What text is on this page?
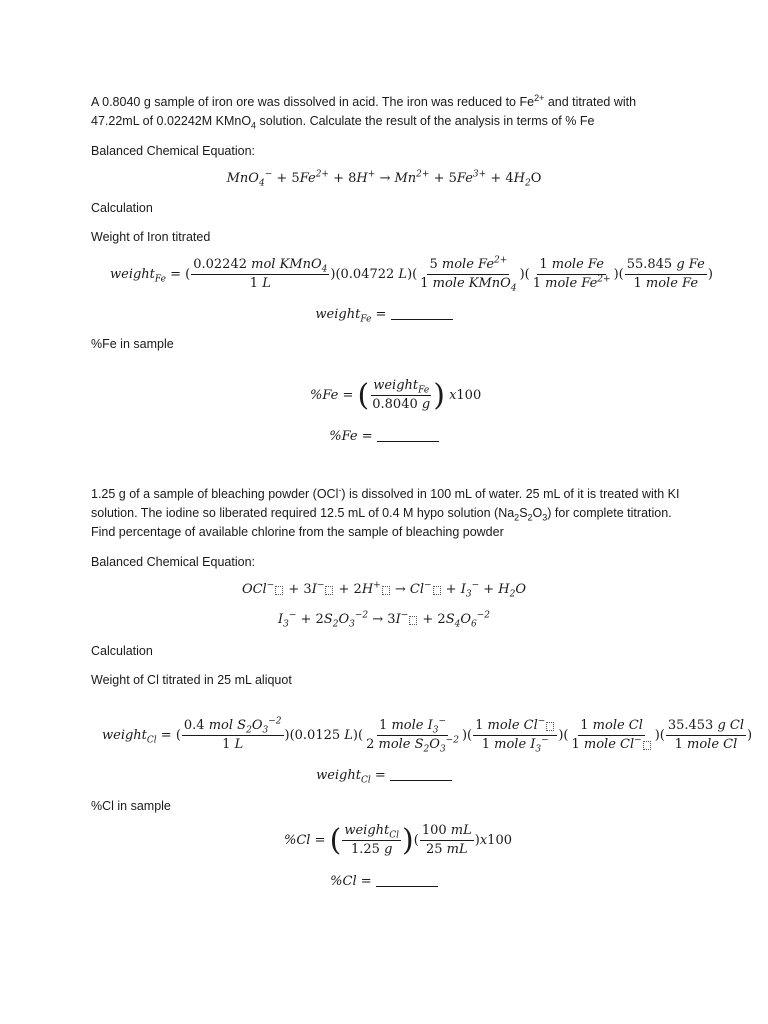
A 0.8040 g sample of iron ore was dissolved in acid. The iron was reduced to $Fe^{2+}$ and titrated with 47.22mL of 0.02242M KMnO$_4$ solution. Calculate the result of the analysis in terms of % Fe
Balanced Chemical Equation:
$MnO_4^- + 5Fe^{2+} + 8H^+ \to Mn^{2+} + 5Fe^{3+} + 4H_2O$
Calculation
Weight of Iron titrated
weight$_{Fe}$ = ( $\frac{0.02242 mol KMnO_4}{1 L}$ )( 0.04722 L )( $\frac{5 mole Fe^{2+}}{1 mole KMnO_4}$ )( $\frac{\text{1 mole Fe}}{1 mole Fe^{2+}}$ )( $\frac{\text{55.845 g Fe}}{\text{1 mole Fe}}$ )
weight$_{Fe}$ =
%Fe in sample
%Fe = ( $\frac{weight_{Fe}}{0.8040 g}$ ) x 100
%Fe =
1.25 g of a sample of bleaching powder (OCl-) is dissolved in 100 mL of water. 25 mL of it is treated with KI solution. The iodine so liberated required 12.5 mL of 0.4 M hypo solution $(Na_2S_2O_3)$ for complete titration. Find percentage of available chlorine from the sample of bleaching powder
Balanced Chemical Equation:
$OCl^- + 3I^- + 2H^+ \to Cl^- + I_3^- + H_2O$
$I_3^- + 2S_2O_3^{-2} \to 3I^- + 2S_4O_6^{-2}$
Calculation
Weight of Cl titrated in 25 mL aliquot
weight$_{Cl}$ = ( $\frac{0.4 mol S_2O_3^{-2}}{1 L}$ )( 0.0125 L )( $\frac{1 mole I_3^-}{2 mole S_2O_3^{-2}}$ )( $\frac{1 mole Cl^-}{1 mole I_3^-}$ )( $\frac{\text{1 mole Cl}}{1 mole Cl^-}$ )( $\frac{\text{35.453 g Cl}}{\text{1 mole Cl}}$ )
weight$_{Cl}$ =
%Cl in sample
%Cl = ( $\frac{weight_{Cl}}{1.25 g}$ ) ( $\frac{100 mL}{25 mL}$ ) x 100
%Cl =
